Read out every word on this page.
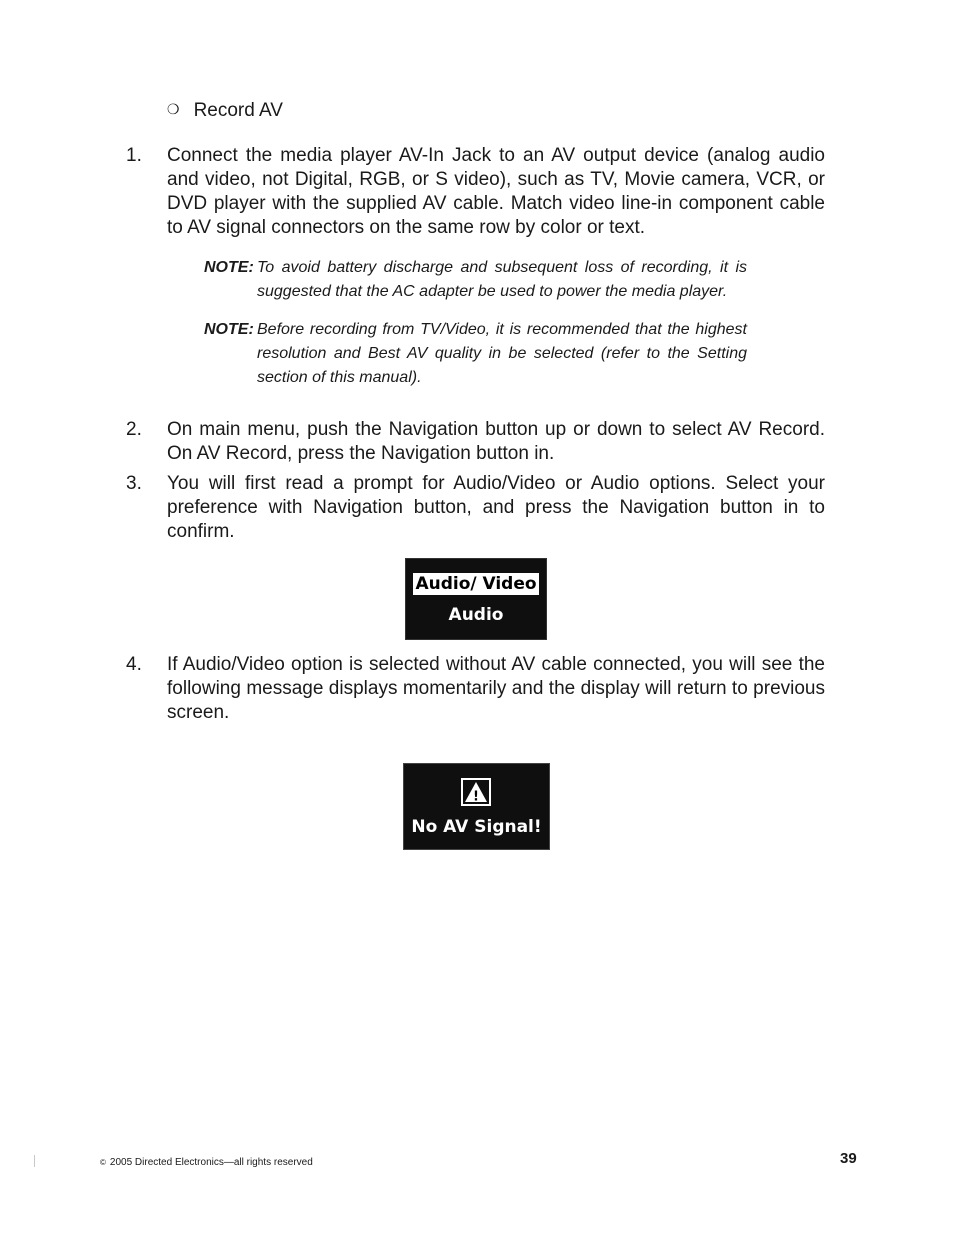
❍ Record AV
1. Connect the media player AV-In Jack to an AV output device (analog audio and video, not Digital, RGB, or S video), such as TV, Movie camera, VCR, or DVD player with the supplied AV cable. Match video line-in component cable to AV signal connectors on the same row by color or text.
NOTE: To avoid battery discharge and subsequent loss of recording, it is suggested that the AC adapter be used to power the media player.
NOTE: Before recording from TV/Video, it is recommended that the highest resolution and Best AV quality in be selected (refer to the Setting section of this manual).
2. On main menu, push the Navigation button up or down to select AV Record. On AV Record, press the Navigation button in.
3. You will first read a prompt for Audio/Video or Audio options. Select your preference with Navigation button, and press the Navigation button in to confirm.
Audio/ Video
Audio
4. If Audio/Video option is selected without AV cable connected, you will see the following message displays momentarily and the display will return to previous screen.
!
No AV Signal!
© 2005 Directed Electronics—all rights reserved	39
